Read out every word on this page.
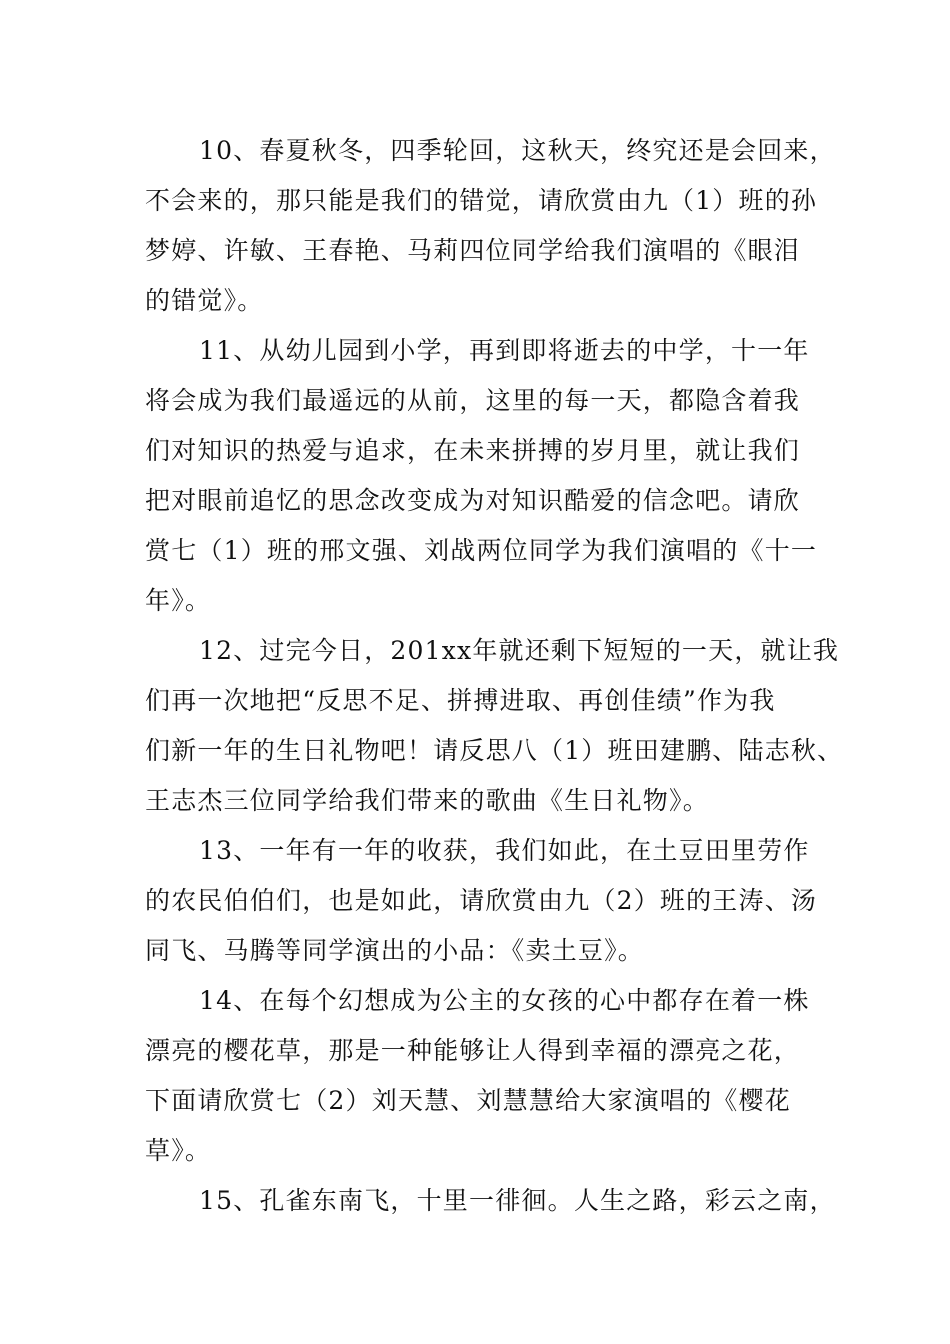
10、春夏秋冬，四季轮回，这秋天，终究还是会回来，
不会来的，那只能是我们的错觉，请欣赏由九（1）班的孙
梦婷、许敏、王春艳、马莉四位同学给我们演唱的《眼泪
的错觉》。

11、从幼儿园到小学，再到即将逝去的中学，十一年
将会成为我们最遥远的从前，这里的每一天，都隐含着我
们对知识的热爱与追求，在未来拼搏的岁月里，就让我们
把对眼前追忆的思念改变成为对知识酷爱的信念吧。请欣
赏七（1）班的邢文强、刘战两位同学为我们演唱的《十一
年》。

12、过完今日，201xx年就还剩下短短的一天，就让我
们再一次地把“反思不足、拼搏进取、再创佳绩”作为我
们新一年的生日礼物吧！请反思八（1）班田建鹏、陆志秋、
王志杰三位同学给我们带来的歌曲《生日礼物》。

13、一年有一年的收获，我们如此，在土豆田里劳作
的农民伯伯们，也是如此，请欣赏由九（2）班的王涛、汤
同飞、马腾等同学演出的小品：《卖土豆》。

14、在每个幻想成为公主的女孩的心中都存在着一株
漂亮的樱花草，那是一种能够让人得到幸福的漂亮之花，
下面请欣赏七（2）刘天慧、刘慧慧给大家演唱的《樱花
草》。

15、孔雀东南飞，十里一徘徊。人生之路，彩云之南，
